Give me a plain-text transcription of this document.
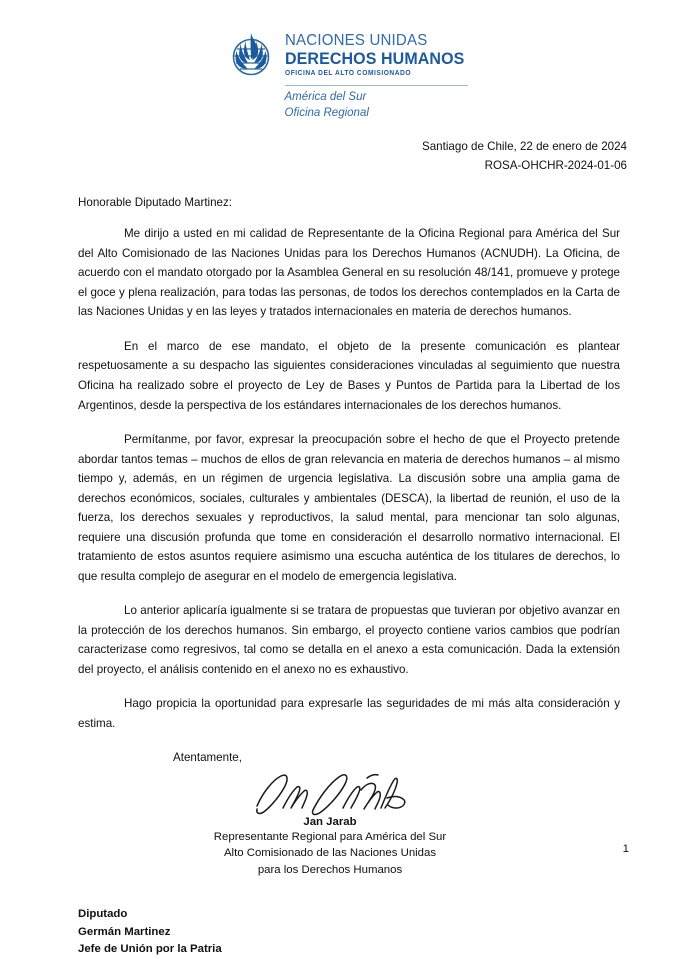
NACIONES UNIDAS
DERECHOS HUMANOS
OFICINA DEL ALTO COMISIONADO
América del Sur
Oficina Regional
Santiago de Chile, 22 de enero de 2024
ROSA-OHCHR-2024-01-06
Honorable Diputado Martinez:

Me dirijo a usted en mi calidad de Representante de la Oficina Regional para América del Sur del Alto Comisionado de las Naciones Unidas para los Derechos Humanos (ACNUDH). La Oficina, de acuerdo con el mandato otorgado por la Asamblea General en su resolución 48/141, promueve y protege el goce y plena realización, para todas las personas, de todos los derechos contemplados en la Carta de las Naciones Unidas y en las leyes y tratados internacionales en materia de derechos humanos.

En el marco de ese mandato, el objeto de la presente comunicación es plantear respetuosamente a su despacho las siguientes consideraciones vinculadas al seguimiento que nuestra Oficina ha realizado sobre el proyecto de Ley de Bases y Puntos de Partida para la Libertad de los Argentinos, desde la perspectiva de los estándares internacionales de los derechos humanos.

Permítanme, por favor, expresar la preocupación sobre el hecho de que el Proyecto pretende abordar tantos temas – muchos de ellos de gran relevancia en materia de derechos humanos – al mismo tiempo y, además, en un régimen de urgencia legislativa. La discusión sobre una amplia gama de derechos económicos, sociales, culturales y ambientales (DESCA), la libertad de reunión, el uso de la fuerza, los derechos sexuales y reproductivos, la salud mental, para mencionar tan solo algunas, requiere una discusión profunda que tome en consideración el desarrollo normativo internacional. El tratamiento de estos asuntos requiere asimismo una escucha auténtica de los titulares de derechos, lo que resulta complejo de asegurar en el modelo de emergencia legislativa.

Lo anterior aplicaría igualmente si se tratara de propuestas que tuvieran por objetivo avanzar en la protección de los derechos humanos. Sin embargo, el proyecto contiene varios cambios que podrían caracterizase como regresivos, tal como se detalla en el anexo a esta comunicación. Dada la extensión del proyecto, el análisis contenido en el anexo no es exhaustivo.

Hago propicia la oportunidad para expresarle las seguridades de mi más alta consideración y estima.

Atentamente,
Jan Jarab
Representante Regional para América del Sur
Alto Comisionado de las Naciones Unidas
para los Derechos Humanos
Diputado
Germán Martinez
Jefe de Unión por la Patria
1
